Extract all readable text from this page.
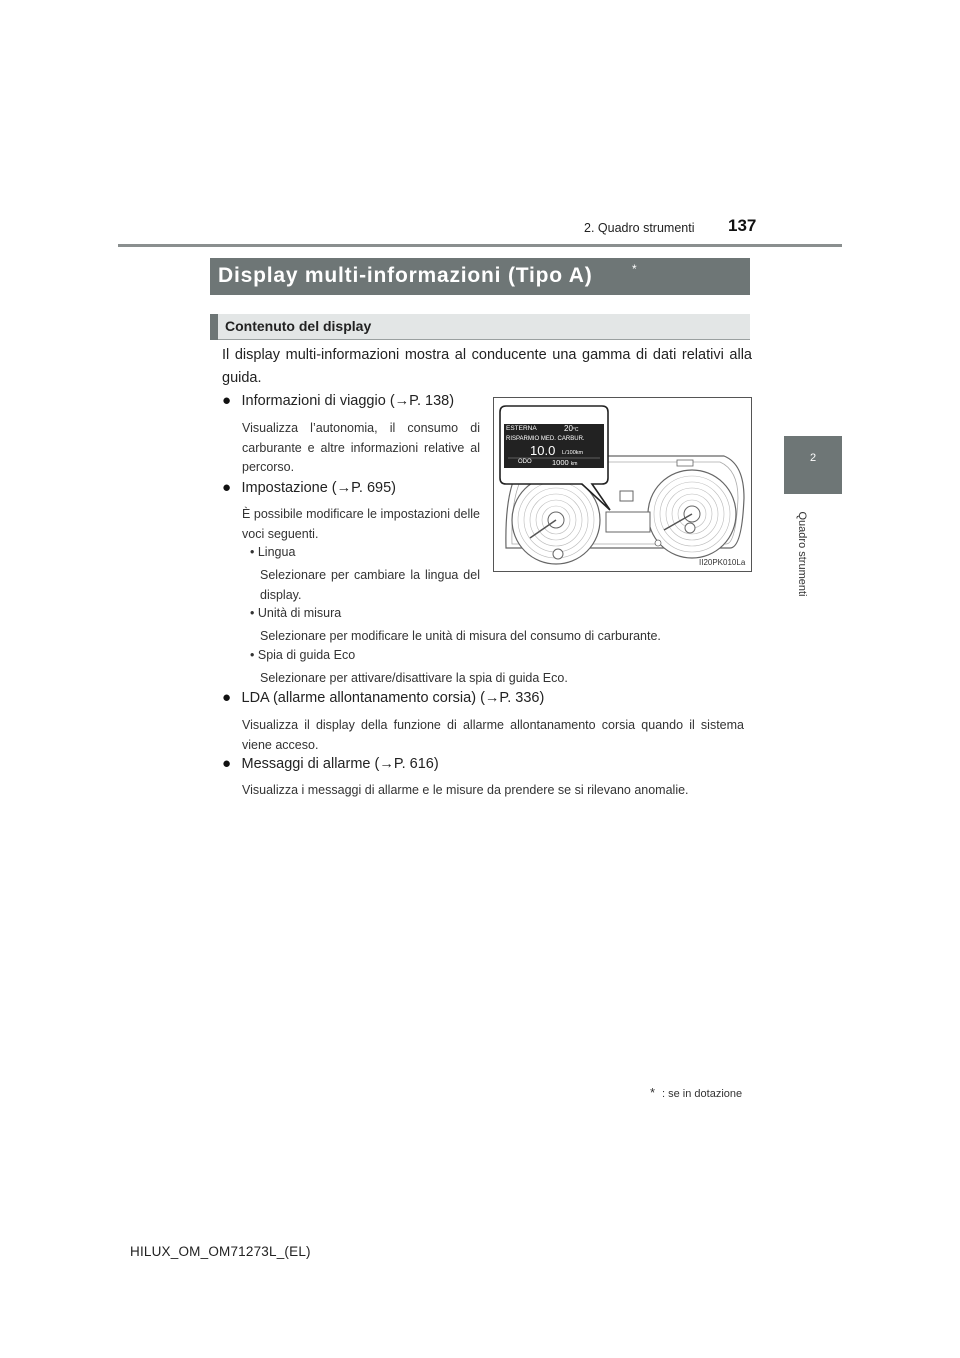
137
2. Quadro strumenti
2
Quadro strumenti
Display multi-informazioni (Tipo A)	*
Contenuto del display
Il display multi-informazioni mostra al conducente una gamma di dati relativi alla guida.
● Informazioni di viaggio (→P. 138)
Visualizza l’autonomia, il consumo di carburante e altre informazioni relative al percorso.
● Impostazione (→P. 695)
È possibile modificare le impostazioni delle voci seguenti.
• Lingua
Selezionare per cambiare la lingua del display.
• Unità di misura
Selezionare per modificare le unità di misura del consumo di carburante.
• Spia di guida Eco
Selezionare per attivare/disattivare la spia di guida Eco.
● LDA (allarme allontanamento corsia) (→P. 336)
Visualizza il display della funzione di allarme allontanamento corsia quando il sistema viene acceso.
● Messaggi di allarme (→P. 616)
Visualizza i messaggi di allarme e le misure da prendere se si rilevano anomalie.
ESTERNA	20°C
RISPARMIO MED. CARBUR.
10.0 L/100km
ODO	1000 km
II20PK010La
* : se in dotazione
HILUX_OM_OM71273L_(EL)
